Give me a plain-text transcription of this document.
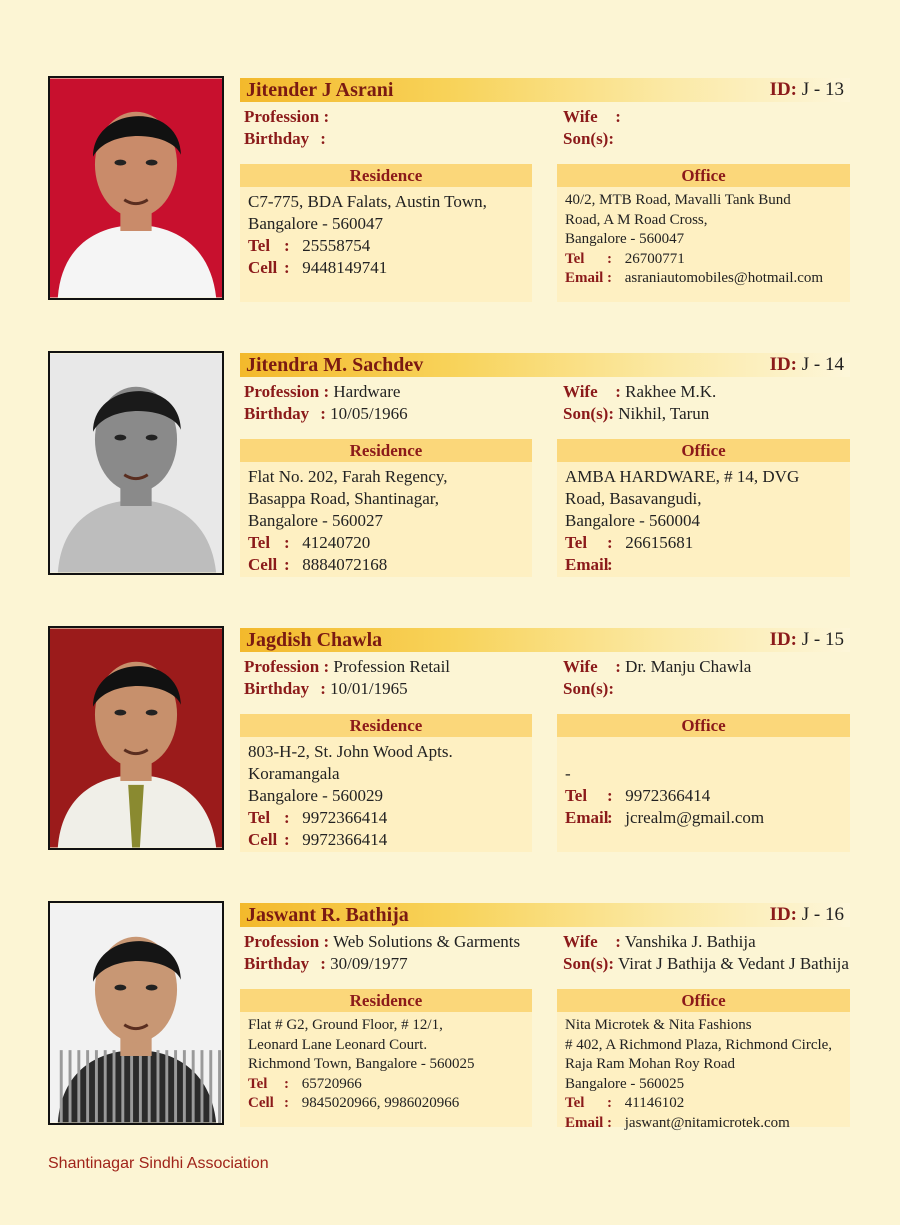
Jitender J Asrani	ID: J - 13
Profession :
Birthday :
Wife :
Son(s):
Residence
C7-775, BDA Falats, Austin Town,
Bangalore - 560047
Tel : 25558754
Cell : 9448149741
Office
40/2, MTB Road, Mavalli Tank Bund
Road, A M Road Cross,
Bangalore - 560047
Tel : 26700771
Email : asraniautomobiles@hotmail.com
Jitendra M. Sachdev	ID: J - 14
Profession : Hardware
Birthday : 10/05/1966
Wife : Rakhee M.K.
Son(s): Nikhil, Tarun
Residence
Flat No. 202, Farah Regency,
Basappa Road, Shantinagar,
Bangalore - 560027
Tel : 41240720
Cell : 8884072168
Office
AMBA HARDWARE, # 14, DVG
Road, Basavangudi,
Bangalore - 560004
Tel : 26615681
Email:
Jagdish Chawla	ID: J - 15
Profession : Profession Retail
Birthday : 10/01/1965
Wife : Dr. Manju Chawla
Son(s):
Residence
803-H-2, St. John Wood Apts.
Koramangala
Bangalore - 560029
Tel : 9972366414
Cell : 9972366414
Office

-
Tel : 9972366414
Email: jcrealm@gmail.com
Jaswant R. Bathija	ID: J - 16
Profession : Web Solutions & Garments
Birthday : 30/09/1977
Wife : Vanshika J. Bathija
Son(s): Virat J Bathija & Vedant J Bathija
Residence
Flat # G2, Ground Floor, # 12/1,
Leonard Lane Leonard Court.
Richmond Town, Bangalore - 560025
Tel : 65720966
Cell : 9845020966, 9986020966
Office
Nita Microtek & Nita Fashions
# 402, A Richmond Plaza, Richmond Circle,
Raja Ram Mohan Roy Road
Bangalore - 560025
Tel : 41146102
Email : jaswant@nitamicrotek.com
Shantinagar Sindhi Association
